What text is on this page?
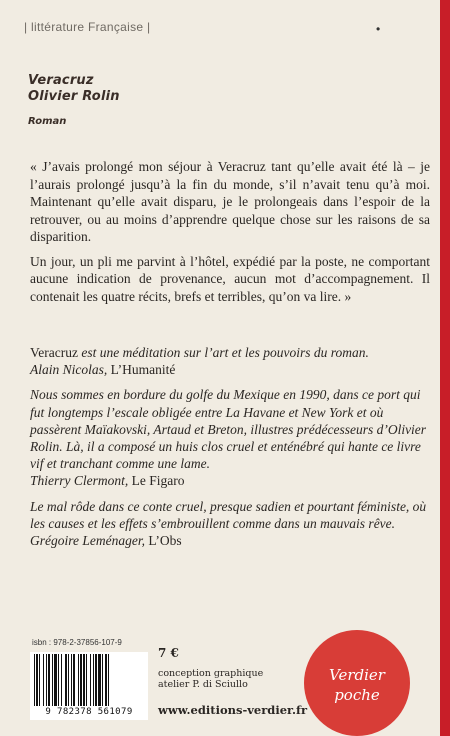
| littérature Française |	•
Veracruz
Olivier Rolin
Roman

« J’avais prolongé mon séjour à Veracruz tant qu’elle avait été là – je l’aurais prolongé jusqu’à la fin du monde, s’il n’avait tenu qu’à moi. Maintenant qu’elle avait disparu, je le prolongeais dans l’espoir de la retrouver, ou au moins d’apprendre quelque chose sur les raisons de sa disparition.

Un jour, un pli me parvint à l’hôtel, expédié par la poste, ne comportant aucune indication de provenance, aucun mot d’accompagnement. Il contenait les quatre récits, brefs et terribles, qu’on va lire. »

Veracruz est une méditation sur l’art et les pouvoirs du roman.
Alain Nicolas, L’Humanité
Nous sommes en bordure du golfe du Mexique en 1990, dans ce port qui fut longtemps l’escale obligée entre La Havane et New York et où passèrent Maïakovski, Artaud et Breton, illustres prédécesseurs d’Olivier Rolin. Là, il a composé un huis clos cruel et enténébré qui hante ce livre vif et tranchant comme une lame.
Thierry Clermont, Le Figaro
Le mal rôde dans ce conte cruel, presque sadien et pourtant féministe, où les causes et les effets s’embrouillent comme dans un mauvais rêve.
Grégoire Leménager, L’Obs
isbn : 978-2-37856-107-9
9 782378 561079
7 €
conception graphique
atelier P. di Sciullo
www.editions-verdier.fr
Verdier
poche
